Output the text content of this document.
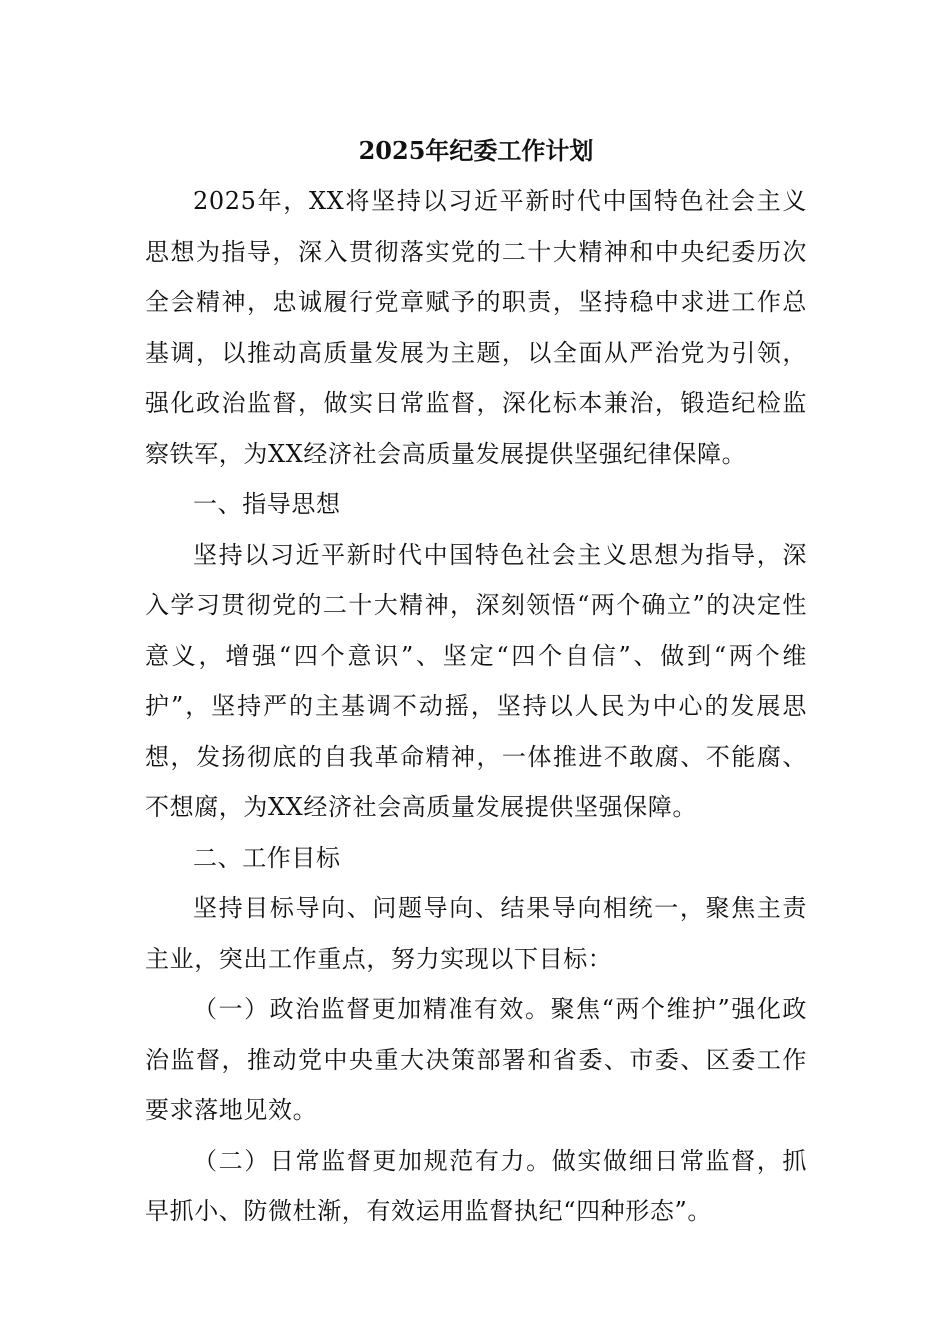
2025年纪委工作计划

2025年，XX将坚持以习近平新时代中国特色社会主义思想为指导，深入贯彻落实党的二十大精神和中央纪委历次全会精神，忠诚履行党章赋予的职责，坚持稳中求进工作总基调，以推动高质量发展为主题，以全面从严治党为引领，强化政治监督，做实日常监督，深化标本兼治，锻造纪检监察铁军，为XX经济社会高质量发展提供坚强纪律保障。

一、指导思想

坚持以习近平新时代中国特色社会主义思想为指导，深入学习贯彻党的二十大精神，深刻领悟“两个确立”的决定性意义，增强“四个意识”、坚定“四个自信”、做到“两个维护”，坚持严的主基调不动摇，坚持以人民为中心的发展思想，发扬彻底的自我革命精神，一体推进不敢腐、不能腐、不想腐，为XX经济社会高质量发展提供坚强保障。

二、工作目标

坚持目标导向、问题导向、结果导向相统一，聚焦主责主业，突出工作重点，努力实现以下目标：

（一）政治监督更加精准有效。聚焦“两个维护”强化政治监督，推动党中央重大决策部署和省委、市委、区委工作要求落地见效。

（二）日常监督更加规范有力。做实做细日常监督，抓早抓小、防微杜渐，有效运用监督执纪“四种形态”。
